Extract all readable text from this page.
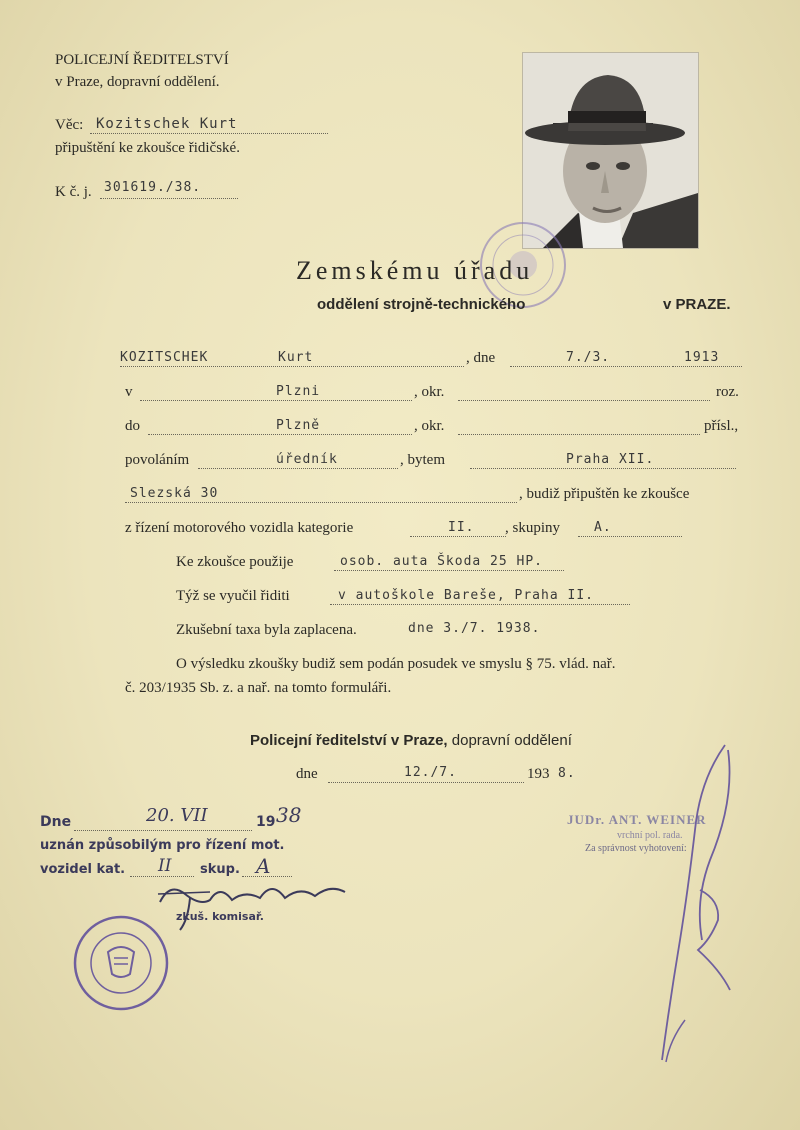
POLICEJNÍ ŘEDITELSTVÍ
v Praze, dopravní oddělení.
Věc: Kozitschek Kurt
připuštění ke zkoušce řidičské.
K č. j. 301619./38.
Zemskému úřadu
oddělení strojně-technického	v PRAZE.
KOZITSCHEK	Kurt	, dne	7./3.	1913
v	Plzni	, okr.	roz.
do	Plzně	, okr.	přísl.,
povoláním	úředník	, bytem	Praha XII.
Slezská 30	, budiž připuštěn ke zkoušce
z řízení motorového vozidla kategorie	II. , skupiny	A.
Ke zkoušce použije	osob. auta Škoda 25 HP.
Týž se vyučil řiditi	v autoškole Bareše, Praha II.
Zkušební taxa byla zaplacena.	dne 3./7. 1938.
O výsledku zkoušky budiž sem podán posudek ve smyslu § 75. vlád. nař.
č. 203/1935 Sb. z. a nař. na tomto formuláři.
Policejní ředitelství v Praze, dopravní oddělení
dne	12./7.	193 8.
Dne	20. VII	19 38
uznán způsobilým pro řízení mot.
vozidel kat. II skup. A
zkuš. komisař.
JUDr. ANT. WEINER
vrchní pol. rada.
Za správnost vyhotovení:
